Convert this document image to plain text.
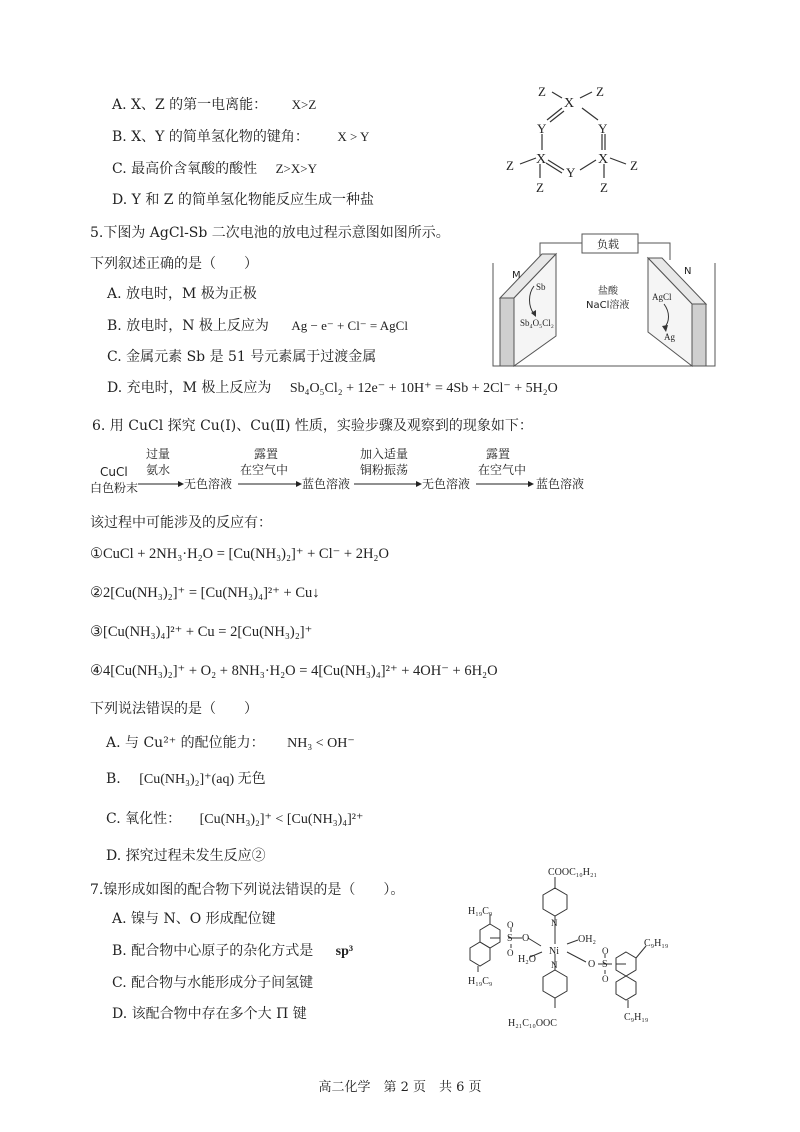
A. X、Z 的第一电离能： X>Z
B. X、Y 的简单氢化物的键角： X > Y
C. 最高价含氧酸的酸性 Z>X>Y
D. Y 和 Z 的简单氢化物能反应生成一种盐
X
Z	Z
Y	Y
X	X
Y
Z	Z
Z	Z
5.下图为 AgCl-Sb 二次电池的放电过程示意图如图所示。
下列叙述正确的是（　　）
A. 放电时，M 极为正极
B. 放电时，N 极上反应为 Ag − e⁻ + Cl⁻ = AgCl
C. 金属元素 Sb 是 51 号元素属于过渡金属
D. 充电时，M 极上反应为 Sb₄O₅Cl₂ + 12e⁻ + 10H⁺ = 4Sb + 2Cl⁻ + 5H₂O
负载
M
Sb
Sb₄O₅Cl₂
盐酸
NaCl溶液
N
AgCl
Ag
6. 用 CuCl 探究 Cu(Ⅰ)、Cu(Ⅱ) 性质，实验步骤及观察到的现象如下：
CuCl
白色粉末
过量
氨水
无色溶液
露置
在空气中
蓝色溶液
加入适量
铜粉振荡
无色溶液
露置
在空气中
蓝色溶液
该过程中可能涉及的反应有：
①CuCl + 2NH₃·H₂O = [Cu(NH₃)₂]⁺ + Cl⁻ + 2H₂O
②2[Cu(NH₃)₂]⁺ = [Cu(NH₃)₄]²⁺ + Cu↓
③[Cu(NH₃)₄]²⁺ + Cu = 2[Cu(NH₃)₂]⁺
④4[Cu(NH₃)₂]⁺ + O₂ + 8NH₃·H₂O = 4[Cu(NH₃)₄]²⁺ + 4OH⁻ + 6H₂O
下列说法错误的是（　　）
A. 与 Cu²⁺ 的配位能力： NH₃ < OH⁻
B. [Cu(NH₃)₂]⁺(aq) 无色
C. 氧化性： [Cu(NH₃)₂]⁺ < [Cu(NH₃)₄]²⁺
D. 探究过程未发生反应②
7.镍形成如图的配合物下列说法错误的是（　　）。
A. 镍与 N、O 形成配位键
B. 配合物中心原子的杂化方式是 sp³
C. 配合物与水能形成分子间氢键
D. 该配合物中存在多个大 Π 键
COOC₁₀H₂₁
N
Ni
N
H₂₁C₁₀OOC
OH₂
H₂O
O
S
O
O
O S
O
O
H₁₉C₉
H₁₉C₉
C₉H₁₉
C₉H₁₉
高二化学　第 2 页　共 6 页
